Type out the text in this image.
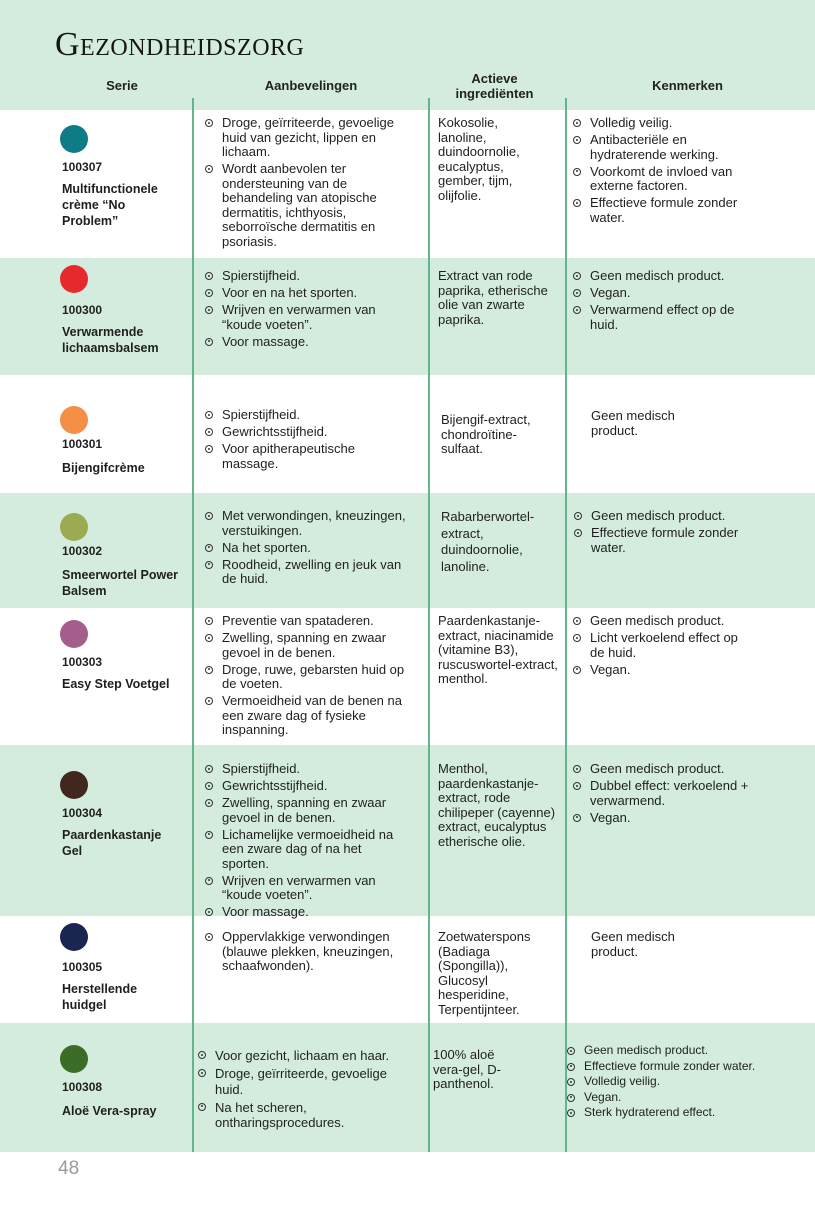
Gezondheidszorg
Serie	Aanbevelingen	Actieve
ingrediënten
Kenmerken
100307
Multifunctionele crème “No Problem”
Droge, geïrriteerde, gevoelige huid van gezicht, lippen en lichaam.
Wordt aanbevolen ter ondersteuning van de behandeling van atopische dermatitis, ichthyosis, seborroïsche dermatitis en psoriasis.

Kokosolie, lanoline, duindoornolie, eucalyptus, gember, tijm, olijfolie.

Volledig veilig.
Antibacteriële en hydraterende werking.
Voorkomt de invloed van externe factoren.
Effectieve formule zonder water.
100300
Verwarmende lichaamsbalsem
Spierstijfheid.
Voor en na het sporten.
Wrijven en verwarmen van “koude voeten”.
Voor massage.

Extract van rode paprika, etherische olie van zwarte paprika.

Geen medisch product.
Vegan.
Verwarmend effect op de huid.
100301
Bijengifcrème
Spierstijfheid.
Gewrichtsstijfheid.
Voor apitherapeutische massage.

Bijengif-extract, chondroïtine-sulfaat.

Geen medisch product.

100302
Smeerwortel Power Balsem
Met verwondingen, kneuzingen, verstuikingen.
Na het sporten.
Roodheid, zwelling en jeuk van de huid.

Rabarberwortel-extract, duindoornolie, lanoline.

Geen medisch product.
Effectieve formule zonder water.
100303
Easy Step Voetgel
Preventie van spataderen.
Zwelling, spanning en zwaar gevoel in de benen.
Droge, ruwe, gebarsten huid op de voeten.
Vermoeidheid van de benen na een zware dag of fysieke inspanning.

Paardenkastanje-extract, niacinamide (vitamine B3), ruscuswortel-extract, menthol.

Geen medisch product.
Licht verkoelend effect op de huid.
Vegan.
100304
Paardenkastanje Gel
Spierstijfheid.
Gewrichtsstijfheid.
Zwelling, spanning en zwaar gevoel in de benen.
Lichamelijke vermoeidheid na een zware dag of na het sporten.
Wrijven en verwarmen van “koude voeten”.
Voor massage.

Menthol, paardenkastanje-extract, rode chilipeper (cayenne) extract, eucalyptus etherische olie.

Geen medisch product.
Dubbel effect: verkoelend + verwarmend.
Vegan.
100305
Herstellende huidgel
Oppervlakkige verwondingen (blauwe plekken, kneuzingen, schaafwonden).

Zoetwaterspons (Badiaga (Spongilla)), Glucosyl hesperidine, Terpentijnteer.

Geen medisch product.

100308
Aloë Vera-spray
Voor gezicht, lichaam en haar.
Droge, geïrriteerde, gevoelige huid.
Na het scheren, ontharingsprocedures.

100% aloë vera-gel, D-panthenol.

Geen medisch product.
Effectieve formule zonder water.
Volledig veilig.
Vegan.
Sterk hydraterend effect.
48
